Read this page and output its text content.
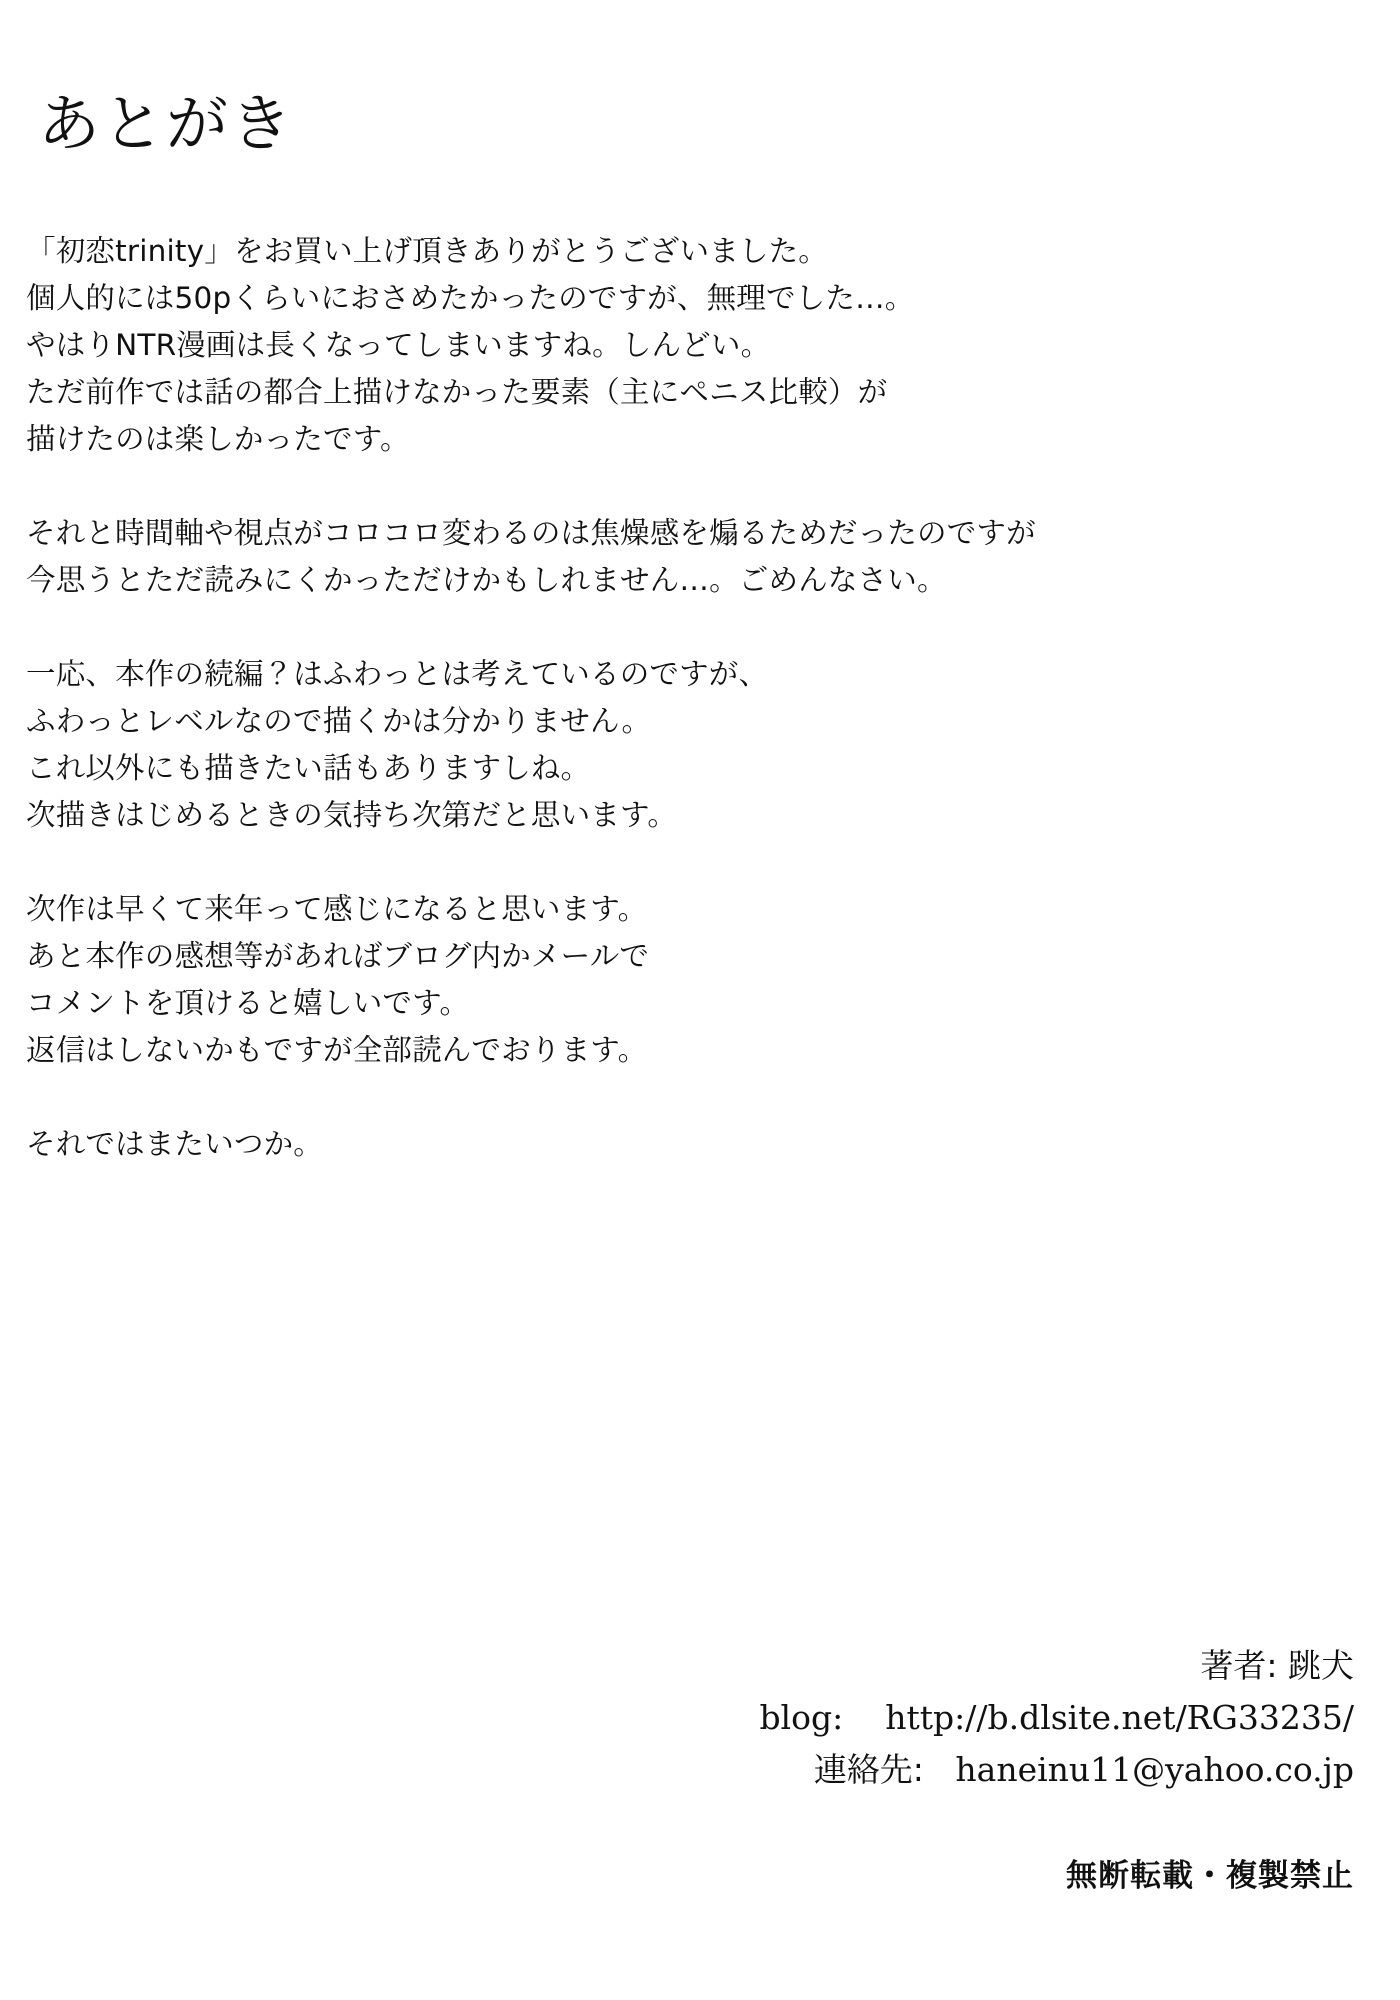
あとがき

「初恋trinity」をお買い上げ頂きありがとうございました。
個人的には50pくらいにおさめたかったのですが、無理でした…。
やはりNTR漫画は長くなってしまいますね。しんどい。
ただ前作では話の都合上描けなかった要素（主にペニス比較）が
描けたのは楽しかったです。

それと時間軸や視点がコロコロ変わるのは焦燥感を煽るためだったのですが
今思うとただ読みにくかっただけかもしれません…。ごめんなさい。

一応、本作の続編？はふわっとは考えているのですが、
ふわっとレベルなので描くかは分かりません。
これ以外にも描きたい話もありますしね。
次描きはじめるときの気持ち次第だと思います。

次作は早くて来年って感じになると思います。
あと本作の感想等があればブログ内かメールで
コメントを頂けると嬉しいです。
返信はしないかもですが全部読んでおります。

それではまたいつか。

著者: 跳犬
blog: http://b.dlsite.net/RG33235/
連絡先: haneinu11@yahoo.co.jp
無断転載・複製禁止
